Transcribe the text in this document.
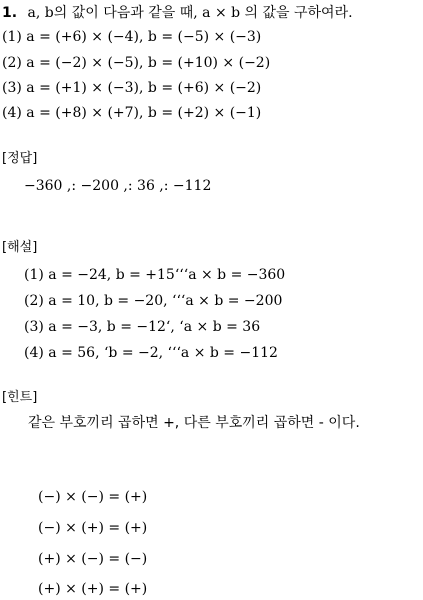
1. a, b의 값이 다음과 같을 때, a × b 의 값을 구하여라.
(1) a = (+6) × (−4), b = (−5) × (−3)
(2) a = (−2) × (−5), b = (+10) × (−2)
(3) a = (+1) × (−3), b = (+6) × (−2)
(4) a = (+8) × (+7), b = (+2) × (−1)
[정답]
−360 ,: −200 ,: 36 ,: −112
[해설]
(1) a = −24, b = +15‘‘‘a × b = −360
(2) a = 10, b = −20, ‘‘‘a × b = −200
(3) a = −3, b = −12‘, ‘a × b = 36
(4) a = 56, ‘b = −2, ‘‘‘a × b = −112
[힌트]
같은 부호끼리 곱하면 +, 다른 부호끼리 곱하면 - 이다.
(−) × (−) = (+)
(−) × (+) = (+)
(+) × (−) = (−)
(+) × (+) = (+)
